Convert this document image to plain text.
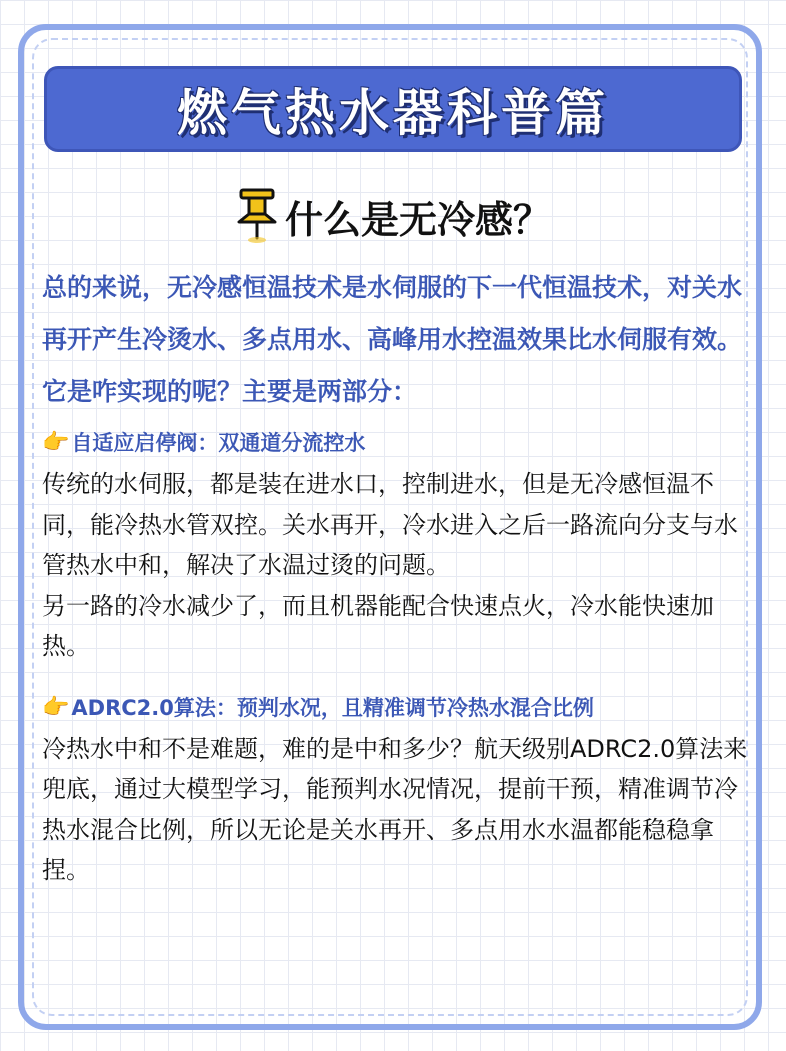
燃气热水器科普篇
什么是无冷感？

总的来说，无冷感恒温技术是水伺服的下一代恒温技术，对关水再开产生冷烫水、多点用水、高峰用水控温效果比水伺服有效。它是咋实现的呢？主要是两部分：

👉 自适应启停阀：双通道分流控水

传统的水伺服，都是装在进水口，控制进水，但是无冷感恒温不同，能冷热水管双控。关水再开，冷水进入之后一路流向分支与水管热水中和，解决了水温过烫的问题。

另一路的冷水减少了，而且机器能配合快速点火，冷水能快速加热。

👉 ADRC2.0算法：预判水况，且精准调节冷热水混合比例

冷热水中和不是难题，难的是中和多少？航天级别ADRC2.0算法来兜底，通过大模型学习，能预判水况情况，提前干预，精准调节冷热水混合比例，所以无论是关水再开、多点用水水温都能稳稳拿捏。
